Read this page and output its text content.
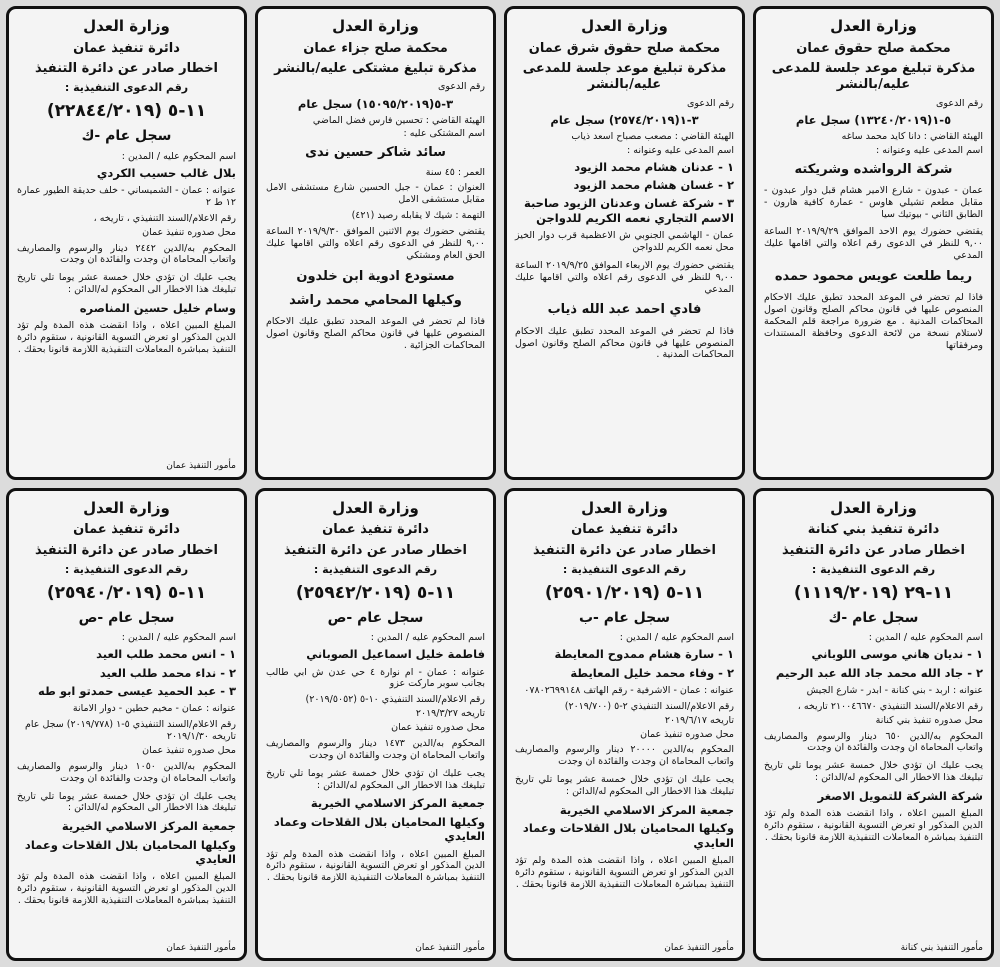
وزارة العدل
محكمة صلح حقوق عمان
مذكرة تبليغ موعد جلسة للمدعى عليه/بالنشر
رقم الدعوى
٥-١(١٣٢٤٠/٢٠١٩) سجل عام
الهيئة القاضي : دانا كايد محمد ساغه
اسم المدعى عليه وعنوانه :
شركة الرواشده وشريكته
عمان - عبدون - شارع الامير هشام قبل دوار عبدون - مقابل مطعم تشيلي هاوس - عمارة كافية هارون - الطابق الثاني - بيوتيك سيا
يقتضي حضورك يوم الاحد الموافق ٢٠١٩/٩/٢٩ الساعة ٩,٠٠ للنظر في الدعوى رقم اعلاه والتي اقامها عليك المدعي
ريما طلعت عويس محمود حمده
فاذا لم تحضر في الموعد المحدد تطبق عليك الاحكام المنصوص عليها في قانون محاكم الصلح وقانون اصول المحاكمات المدنية . مع ضرورة مراجعة قلم المحكمة لاستلام نسخة من لائحة الدعوى وحافظة المستندات ومرفقاتها
وزارة العدل
محكمة صلح حقوق شرق عمان
مذكرة تبليغ موعد جلسة للمدعى عليه/بالنشر
رقم الدعوى
٣-١(٢٥٧٤/٢٠١٩) سجل عام
الهيئة القاضي : مصعب مصباح اسعد ذياب
اسم المدعى عليه وعنوانه :
١ - عدنان هشام محمد الزيود
٢ - غسان هشام محمد الزيود
٣ - شركة غسان وعدنان الزيود صاحبة الاسم التجاري نعمه الكريم للدواجن
عمان - الهاشمي الجنوبي ش الاعظمية قرب دوار الخيز محل نعمه الكريم للدواجن
يقتضي حضورك يوم الاربعاء الموافق ٢٠١٩/٩/٢٥ الساعة ٩,٠٠ للنظر في الدعوى رقم اعلاه والتي اقامها عليك المدعي
فادي احمد عبد الله ذياب
فاذا لم تحضر في الموعد المحدد تطبق عليك الاحكام المنصوص عليها في قانون محاكم الصلح وقانون اصول المحاكمات المدنية .
وزارة العدل
محكمة صلح جزاء عمان
مذكرة تبليغ مشتكى عليه/بالنشر
رقم الدعوى
٣-٥(١٥٠٩٥/٢٠١٩) سجل عام
الهيئة القاضي : تحسين فارس فضل الماضي
اسم المشتكى عليه :
سائد شاكر حسين ندى
العمر : ٤٥ سنة
العنوان : عمان - جبل الحسين شارع مستشفى الامل مقابل مستشفى الامل
التهمة : شيك لا يقابله رصيد (٤٢١)
يقتضي حضورك يوم الاثنين الموافق ٢٠١٩/٩/٣٠ الساعة ٩,٠٠ للنظر في الدعوى رقم اعلاه والتي اقامها عليك الحق العام ومشتكي
مستودع ادوية ابن خلدون
وكيلها المحامي محمد راشد
فاذا لم تحضر في الموعد المحدد تطبق عليك الاحكام المنصوص عليها في قانون محاكم الصلح وقانون اصول المحاكمات الجزائية .
وزارة العدل
دائرة تنفيذ عمان
اخطار صادر عن دائرة التنفيذ
رقم الدعوى التنفيذية :
١١-٥ (٢٢٨٤٤/٢٠١٩)
سجل عام -ك
اسم المحكوم عليه / المدين :
بلال غالب حسيب الكردي
عنوانه : عمان - الشميساني - خلف حديقة الطيور عمارة ١٢ ط ٢
رقم الاعلام/السند التنفيذي ، تاريخه ،
محل صدوره تنفيذ عمان
المحكوم به/الدين ٢٤٤٢ دينار والرسوم والمصاريف واتعاب المحاماة ان وجدت والفائدة ان وجدت
يجب عليك ان تؤدي خلال خمسة عشر يوما تلي تاريخ تبليغك هذا الاخطار الى المحكوم له/الدائن :
وسام خليل حسين المناصره
المبلغ المبين اعلاه ، واذا انقضت هذه المدة ولم تؤد الدين المذكور او تعرض التسوية القانونية ، ستقوم دائرة التنفيذ بمباشرة المعاملات التنفيذية اللازمة قانونا بحقك .
مأمور التنفيذ عمان
وزارة العدل
دائرة تنفيذ بني كنانة
اخطار صادر عن دائرة التنفيذ
رقم الدعوى التنفيذية :
١١-٢٩ (١١١٩/٢٠١٩)
سجل عام -ك
اسم المحكوم عليه / المدين :
١ - نديان هاني موسى اللوباني
٢ - جاد الله محمد جاد الله عبد الرحيم
عنوانه : اربد - بني كنانة - ابدر - شارع الجيش
رقم الاعلام/السند التنفيذي ٢١٠٠٤٦٦٧٠ تاريخه ،
محل صدوره تنفيذ بني كنانة
المحكوم به/الدين ٦٥٠ دينار والرسوم والمصاريف واتعاب المحاماة ان وجدت والفائدة ان وجدت
يجب عليك ان تؤدي خلال خمسة عشر يوما تلي تاريخ تبليغك هذا الاخطار الى المحكوم له/الدائن :
شركة الشركة للتمويل الاصغر
المبلغ المبين اعلاه ، واذا انقضت هذه المدة ولم تؤد الدين المذكور او تعرض التسوية القانونية ، ستقوم دائرة التنفيذ بمباشرة المعاملات التنفيذية اللازمة قانونا بحقك .
مأمور التنفيذ بني كنانة
وزارة العدل
دائرة تنفيذ عمان
اخطار صادر عن دائرة التنفيذ
رقم الدعوى التنفيذية :
١١-٥ (٢٥٩٠١/٢٠١٩)
سجل عام -ب
اسم المحكوم عليه / المدين :
١ - سارة هشام ممدوح المعايطة
٢ - وفاء محمد خليل المعايطة
عنوانه : عمان - الاشرفية - رقم الهاتف ٠٧٨٠٢٦٩٩١٤٨
رقم الاعلام/السند التنفيذي ٢-٥ (٢٠١٩/٧٠٠)
تاريخه ٢٠١٩/٦/١٧
محل صدوره تنفيذ عمان
المحكوم به/الدين ٢٠٠٠٠ دينار والرسوم والمصاريف واتعاب المحاماة ان وجدت والفائدة ان وجدت
يجب عليك ان تؤدي خلال خمسة عشر يوما تلي تاريخ تبليغك هذا الاخطار الى المحكوم له/الدائن :
جمعية المركز الاسلامي الخيرية
وكيلها المحاميان بلال القلاحات وعماد العايدي
المبلغ المبين اعلاه ، واذا انقضت هذه المدة ولم تؤد الدين المذكور او تعرض التسوية القانونية ، ستقوم دائرة التنفيذ بمباشرة المعاملات التنفيذية اللازمة قانونا بحقك .
مأمور التنفيذ عمان
وزارة العدل
دائرة تنفيذ عمان
اخطار صادر عن دائرة التنفيذ
رقم الدعوى التنفيذية :
١١-٥ (٢٥٩٤٢/٢٠١٩)
سجل عام -ص
اسم المحكوم عليه / المدين :
فاطمة خليل اسماعيل الصوباني
عنوانه : عمان - ام نوارة ٤ حي عدن ش ابي طالب بجانب سوبر ماركت عزو
رقم الاعلام/السند التنفيذي ١٠-٥ (٢٠١٩/٥٠٥٢)
تاريخه ٢٠١٩/٣/٢٧
محل صدوره تنفيذ عمان
المحكوم به/الدين ١٤٧٣ دينار والرسوم والمصاريف واتعاب المحاماة ان وجدت والفائدة ان وجدت
يجب عليك ان تؤدي خلال خمسة عشر يوما تلي تاريخ تبليغك هذا الاخطار الى المحكوم له/الدائن :
جمعية المركز الاسلامي الخيرية
وكيلها المحاميان بلال القلاحات وعماد العايدي
المبلغ المبين اعلاه ، واذا انقضت هذه المدة ولم تؤد الدين المذكور او تعرض التسوية القانونية ، ستقوم دائرة التنفيذ بمباشرة المعاملات التنفيذية اللازمة قانونا بحقك .
مأمور التنفيذ عمان
وزارة العدل
دائرة تنفيذ عمان
اخطار صادر عن دائرة التنفيذ
رقم الدعوى التنفيذية :
١١-٥ (٢٥٩٤٠/٢٠١٩)
سجل عام -ص
اسم المحكوم عليه / المدين :
١ - انس محمد طلب العيد
٢ - نداء محمد طلب العيد
٣ - عبد الحميد عيسى حمدتو ابو طه
عنوانه : عمان - مخيم حطين - دوار الامانة
رقم الاعلام/السند التنفيذي ٥-١ (٢٠١٩/٧٧٨) سجل عام تاريخه ٢٠١٩/١/٣٠
محل صدوره تنفيذ عمان
المحكوم به/الدين ١٠٥٠ دينار والرسوم والمصاريف واتعاب المحاماة ان وجدت والفائدة ان وجدت
يجب عليك ان تؤدي خلال خمسة عشر يوما تلي تاريخ تبليغك هذا الاخطار الى المحكوم له/الدائن :
جمعية المركز الاسلامي الخيرية
وكيلها المحاميان بلال القلاحات وعماد العايدي
المبلغ المبين اعلاه ، واذا انقضت هذه المدة ولم تؤد الدين المذكور او تعرض التسوية القانونية ، ستقوم دائرة التنفيذ بمباشرة المعاملات التنفيذية اللازمة قانونا بحقك .
مأمور التنفيذ عمان
